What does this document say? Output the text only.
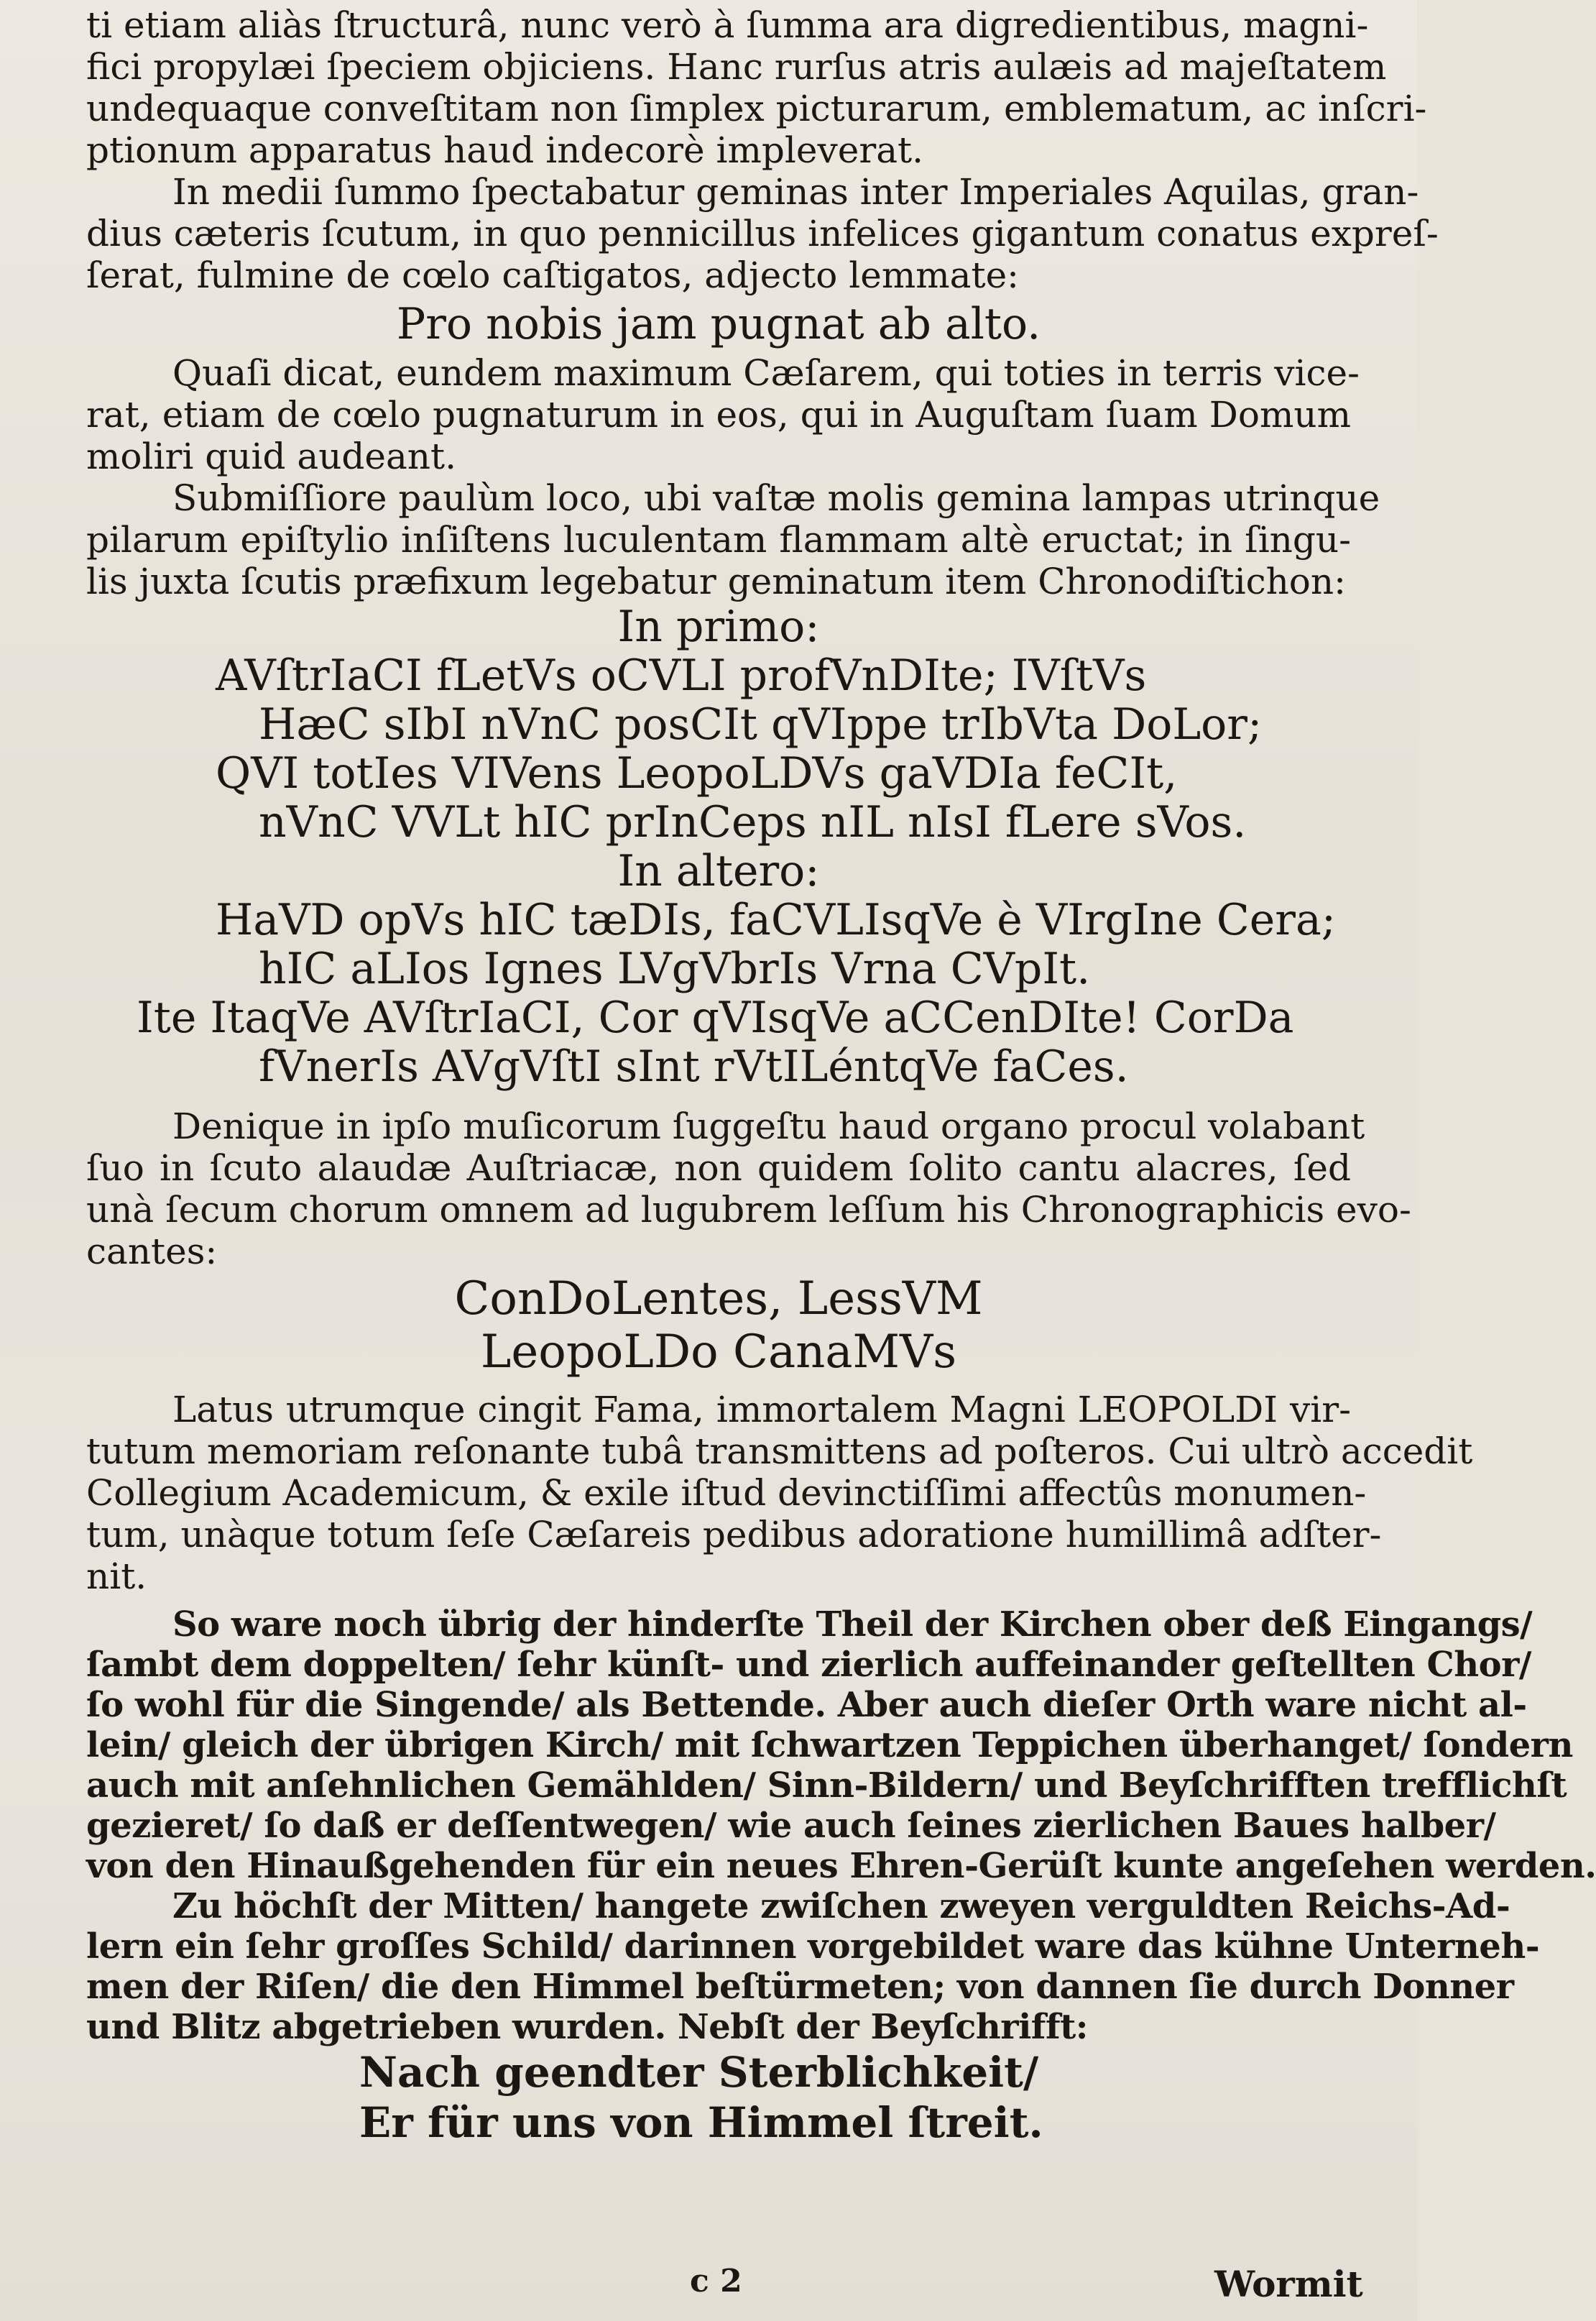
ti etiam aliàs ſtructurâ, nunc verò à ſumma ara digredientibus, magni-
fici propylæi ſpeciem objiciens. Hanc rurſus atris aulæis ad majeſtatem
undequaque conveſtitam non ſimplex picturarum, emblematum, ac inſcri-
ptionum apparatus haud indecorè impleverat.
In medii ſummo ſpectabatur geminas inter Imperiales Aquilas, gran-
dius cæteris ſcutum, in quo pennicillus infelices gigantum conatus expreſ-
ſerat, fulmine de cœlo caſtigatos, adjecto lemmate:
Pro nobis jam pugnat ab alto.
Quaſi dicat, eundem maximum Cæſarem, qui toties in terris vice-
rat, etiam de cœlo pugnaturum in eos, qui in Auguſtam ſuam Domum
moliri quid audeant.
Submiſſiore paulùm loco, ubi vaſtæ molis gemina lampas utrinque
pilarum epiſtylio inſiſtens luculentam flammam altè eructat; in ſingu-
lis juxta ſcutis præfixum legebatur geminatum item Chronodiſtichon:
In primo:
AVſtrIaCI fLetVs oCVLI profVnDIte; IVſtVs
HæC sIbI nVnC posCIt qVIppe trIbVta DoLor;
QVI totIes VIVens LeopoLDVs gaVDIa feCIt,
nVnC VVLt hIC prInCeps nIL nIsI fLere sVos.
In altero:
HaVD opVs hIC tæDIs, faCVLIsqVe è VIrgIne Cera;
hIC aLIos Ignes LVgVbrIs Vrna CVpIt.
Ite ItaqVe AVſtrIaCI, Cor qVIsqVe aCCenDIte! CorDa
fVnerIs AVgVſtI sInt rVtILéntqVe faCes.
Denique in ipſo muſicorum ſuggeſtu haud organo procul volabant
ſuo in ſcuto alaudæ Auſtriacæ, non quidem ſolito cantu alacres, ſed
unà ſecum chorum omnem ad lugubrem leſſum his Chronographicis evo-
cantes:
ConDoLentes, LessVM
LeopoLDo CanaMVs
Latus utrumque cingit Fama, immortalem Magni LEOPOLDI vir-
tutum memoriam reſonante tubâ transmittens ad poſteros. Cui ultrò accedit
Collegium Academicum, & exile iſtud devinctiſſimi affectûs monumen-
tum, unàque totum ſeſe Cæſareis pedibus adoratione humillimâ adſter-
nit.
So ware noch übrig der hinderſte Theil der Kirchen ober deß Eingangs/
ſambt dem doppelten/ ſehr künſt- und zierlich auffeinander geſtellten Chor/
ſo wohl für die Singende/ als Bettende. Aber auch dieſer Orth ware nicht al-
lein/ gleich der übrigen Kirch/ mit ſchwartzen Teppichen überhanget/ ſondern
auch mit anſehnlichen Gemählden/ Sinn-Bildern/ und Beyſchrifften trefflichſt
gezieret/ ſo daß er deſſentwegen/ wie auch ſeines zierlichen Baues halber/
von den Hinaußgehenden für ein neues Ehren-Gerüſt kunte angeſehen werden.
Zu höchſt der Mitten/ hangete zwiſchen zweyen verguldten Reichs-Ad-
lern ein ſehr groſſes Schild/ darinnen vorgebildet ware das kühne Unterneh-
men der Riſen/ die den Himmel beſtürmeten; von dannen ſie durch Donner
und Blitz abgetrieben wurden. Nebſt der Beyſchrifft:
Nach geendter Sterblichkeit/
Er für uns von Himmel ſtreit.
c 2	Wormit
